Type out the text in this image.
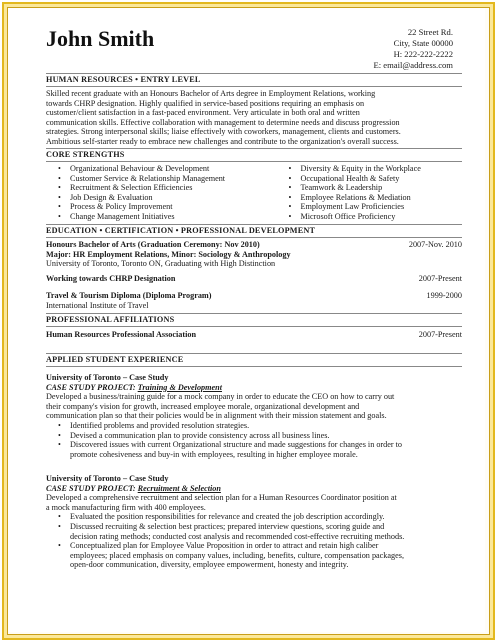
John Smith	22 Street Rd.
City, State 00000
H: 222-222-2222
E: email@address.com
HUMAN RESOURCES • ENTRY LEVEL
Skilled recent graduate with an Honours Bachelor of Arts degree in Employment Relations, working
towards CHRP designation. Highly qualified in service-based positions requiring an emphasis on
customer/client satisfaction in a fast-paced environment. Very articulate in both oral and written
communication skills. Effective collaboration with management to determine needs and discuss progression
strategies. Strong interpersonal skills; liaise effectively with coworkers, management, clients and customers.
Ambitious self-starter ready to embrace new challenges and contribute to the organization's overall success.
CORE STRENGTHS
• Organizational Behaviour & Development
• Customer Service & Relationship Management
• Recruitment & Selection Efficiencies
• Job Design & Evaluation
• Process & Policy Improvement
• Change Management Initiatives
• Diversity & Equity in the Workplace
• Occupational Health & Safety
• Teamwork & Leadership
• Employee Relations & Mediation
• Employment Law Proficiencies
• Microsoft Office Proficiency
EDUCATION • CERTIFICATION • PROFESSIONAL DEVELOPMENT
Honours Bachelor of Arts (Graduation Ceremony: Nov 2010)	2007-Nov. 2010
Major: HR Employment Relations, Minor: Sociology & Anthropology
University of Toronto, Toronto ON, Graduating with High Distinction
Working towards CHRP Designation	2007-Present
Travel & Tourism Diploma (Diploma Program)	1999-2000
International Institute of Travel
PROFESSIONAL AFFILIATIONS
Human Resources Professional Association	2007-Present
APPLIED STUDENT EXPERIENCE
University of Toronto – Case Study
CASE STUDY PROJECT: Training & Development
Developed a business/training guide for a mock company in order to educate the CEO on how to carry out
their company's vision for growth, increased employee morale, organizational development and
communication plan so that their policies would be in alignment with their mission statement and goals.
• Identified problems and provided resolution strategies.
• Devised a communication plan to provide consistency across all business lines.
• Discovered issues with current Organizational structure and made suggestions for changes in order to
promote cohesiveness and buy-in with employees, resulting in higher employee morale.
University of Toronto – Case Study
CASE STUDY PROJECT: Recruitment & Selection
Developed a comprehensive recruitment and selection plan for a Human Resources Coordinator position at
a mock manufacturing firm with 400 employees.
• Evaluated the position responsibilities for relevance and created the job description accordingly.
• Discussed recruiting & selection best practices; prepared interview questions, scoring guide and
decision rating methods; conducted cost analysis and recommended cost-effective recruiting methods.
• Conceptualized plan for Employee Value Proposition in order to attract and retain high caliber
employees; placed emphasis on company values, including, benefits, culture, compensation packages,
open-door communication, diversity, employee empowerment, honesty and integrity.
